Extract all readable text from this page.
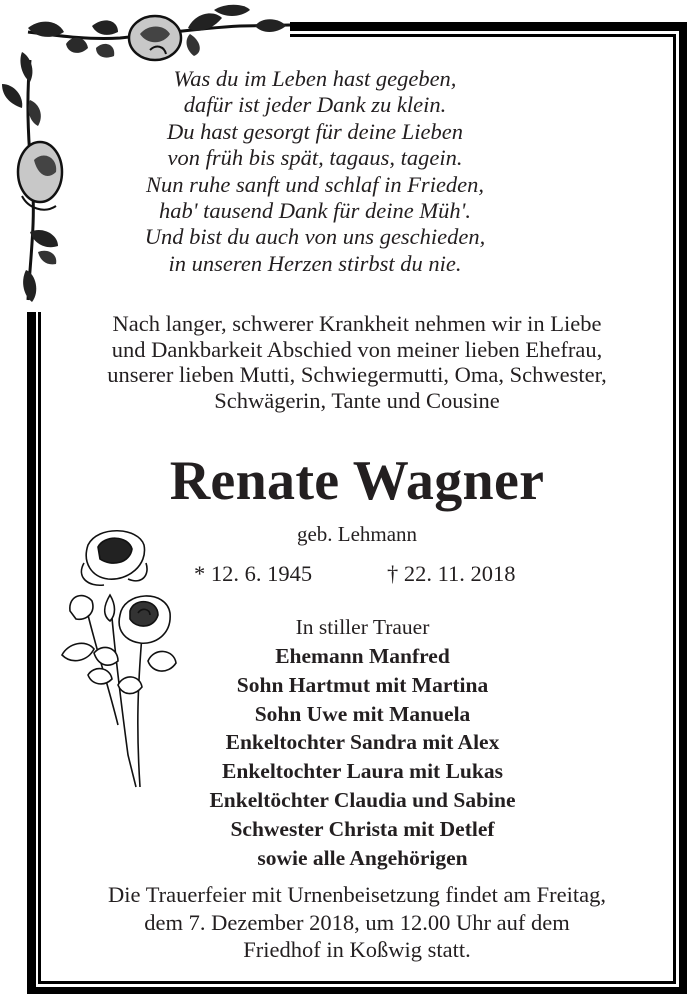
Was du im Leben hast gegeben,
dafür ist jeder Dank zu klein.
Du hast gesorgt für deine Lieben
von früh bis spät, tagaus, tagein.
Nun ruhe sanft und schlaf in Frieden,
hab' tausend Dank für deine Müh'.
Und bist du auch von uns geschieden,
in unseren Herzen stirbst du nie.
Nach langer, schwerer Krankheit nehmen wir in Liebe
und Dankbarkeit Abschied von meiner lieben Ehefrau,
unserer lieben Mutti, Schwiegermutti, Oma, Schwester,
Schwägerin, Tante und Cousine
Renate Wagner
geb. Lehmann
* 12. 6. 1945	† 22. 11. 2018
In stiller Trauer
Ehemann Manfred
Sohn Hartmut mit Martina
Sohn Uwe mit Manuela
Enkeltochter Sandra mit Alex
Enkeltochter Laura mit Lukas
Enkeltöchter Claudia und Sabine
Schwester Christa mit Detlef
sowie alle Angehörigen
Die Trauerfeier mit Urnenbeisetzung findet am Freitag,
dem 7. Dezember 2018, um 12.00 Uhr auf dem
Friedhof in Koßwig statt.
